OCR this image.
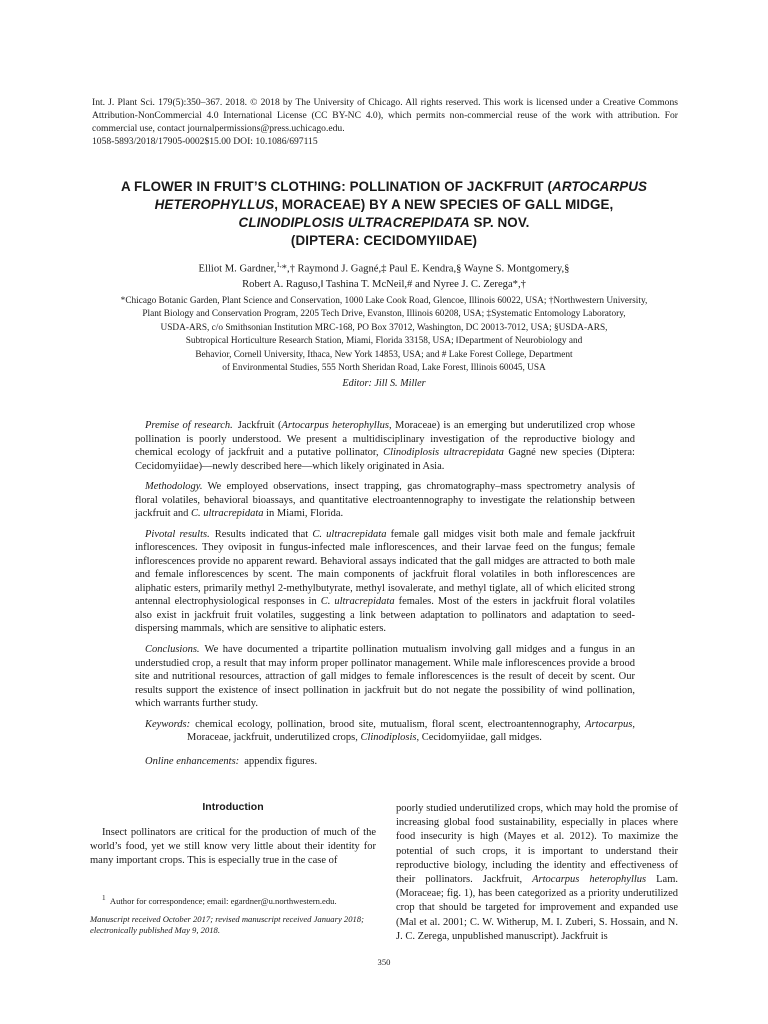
Int. J. Plant Sci. 179(5):350–367. 2018. © 2018 by The University of Chicago. All rights reserved. This work is licensed under a Creative Commons Attribution-NonCommercial 4.0 International License (CC BY-NC 4.0), which permits non-commercial reuse of the work with attribution. For commercial use, contact journalpermissions@press.uchicago.edu.

1058-5893/2018/17905-0002$15.00 DOI: 10.1086/697115

A FLOWER IN FRUIT’S CLOTHING: POLLINATION OF JACKFRUIT (ARTOCARPUS

HETEROPHYLLUS, MORACEAE) BY A NEW SPECIES OF GALL MIDGE,

CLINODIPLOSIS ULTRACREPIDATA SP. NOV.

(DIPTERA: CECIDOMYIIDAE)

Elliot M. Gardner,$^{1,}$*,† Raymond J. Gagné,‡ Paul E. Kendra,§ Wayne S. Montgomery,§

Robert A. Raguso,‖ Tashina T. McNeil,# and Nyree J. C. Zerega*,†

*Chicago Botanic Garden, Plant Science and Conservation, 1000 Lake Cook Road, Glencoe, Illinois 60022, USA; †Northwestern University,

Plant Biology and Conservation Program, 2205 Tech Drive, Evanston, Illinois 60208, USA; ‡Systematic Entomology Laboratory,

USDA-ARS, c/o Smithsonian Institution MRC-168, PO Box 37012, Washington, DC 20013-7012, USA; §USDA-ARS,

Subtropical Horticulture Research Station, Miami, Florida 33158, USA; ‖Department of Neurobiology and

Behavior, Cornell University, Ithaca, New York 14853, USA; and # Lake Forest College, Department

of Environmental Studies, 555 North Sheridan Road, Lake Forest, Illinois 60045, USA

Editor: Jill S. Miller

Premise of research. Jackfruit (Artocarpus heterophyllus, Moraceae) is an emerging but underutilized crop whose pollination is poorly understood. We present a multidisciplinary investigation of the reproductive biology and chemical ecology of jackfruit and a putative pollinator, Clinodiplosis ultracrepidata Gagné new species (Diptera: Cecidomyiidae)—newly described here—which likely originated in Asia.

Methodology. We employed observations, insect trapping, gas chromatography–mass spectrometry analysis of floral volatiles, behavioral bioassays, and quantitative electroantennography to investigate the relationship between jackfruit and C. ultracrepidata in Miami, Florida.

Pivotal results. Results indicated that C. ultracrepidata female gall midges visit both male and female jackfruit inflorescences. They oviposit in fungus-infected male inflorescences, and their larvae feed on the fungus; female inflorescences provide no apparent reward. Behavioral assays indicated that the gall midges are attracted to both male and female inflorescences by scent. The main components of jackfruit floral volatiles in both inflorescences are aliphatic esters, primarily methyl 2-methylbutyrate, methyl isovalerate, and methyl tiglate, all of which elicited strong antennal electrophysiological responses in C. ultracrepidata females. Most of the esters in jackfruit floral volatiles also exist in jackfruit fruit volatiles, suggesting a link between adaptation to pollinators and adaptation to seed-dispersing mammals, which are sensitive to aliphatic esters.

Conclusions. We have documented a tripartite pollination mutualism involving gall midges and a fungus in an understudied crop, a result that may inform proper pollinator management. While male inflorescences provide a brood site and nutritional resources, attraction of gall midges to female inflorescences is the result of deceit by scent. Our results support the existence of insect pollination in jackfruit but do not negate the possibility of wind pollination, which warrants further study.

Keywords: chemical ecology, pollination, brood site, mutualism, floral scent, electroantennography, Artocarpus, Moraceae, jackfruit, underutilized crops, Clinodiplosis, Cecidomyiidae, gall midges.

Online enhancements: appendix figures.

Introduction

Insect pollinators are critical for the production of much of the world’s food, yet we still know very little about their identity for many important crops. This is especially true in the case of

$^1$ Author for correspondence; email: egardner@u.northwestern.edu.

Manuscript received October 2017; revised manuscript received January 2018; electronically published May 9, 2018.

poorly studied underutilized crops, which may hold the promise of increasing global food sustainability, especially in places where food insecurity is high (Mayes et al. 2012). To maximize the potential of such crops, it is important to understand their reproductive biology, including the identity and effectiveness of their pollinators. Jackfruit, Artocarpus heterophyllus Lam. (Moraceae; fig. 1), has been categorized as a priority underutilized crop that should be targeted for improvement and expanded use (Mal et al. 2001; C. W. Witherup, M. I. Zuberi, S. Hossain, and N. J. C. Zerega, unpublished manuscript). Jackfruit is

350
